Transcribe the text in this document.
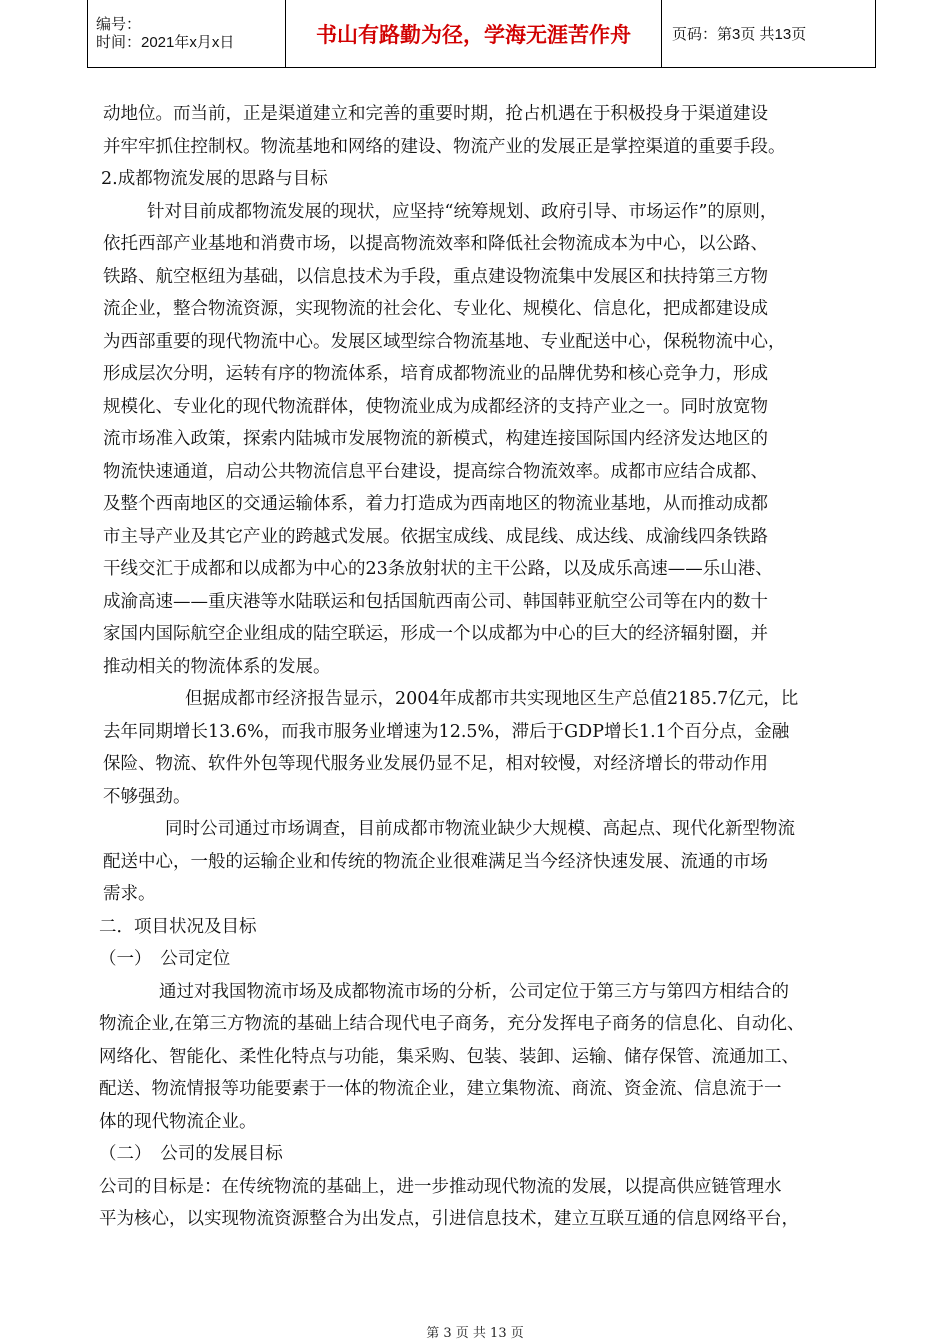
编号：
时间：2021年x月x日	书山有路勤为径，学海无涯苦作舟	页码：第3页 共13页
动地位。而当前，正是渠道建立和完善的重要时期，抢占机遇在于积极投身于渠道建设
并牢牢抓住控制权。物流基地和网络的建设、物流产业的发展正是掌控渠道的重要手段。
2.成都物流发展的思路与目标
针对目前成都物流发展的现状，应坚持“统筹规划、政府引导、市场运作”的原则，
依托西部产业基地和消费市场，以提高物流效率和降低社会物流成本为中心，以公路、
铁路、航空枢纽为基础，以信息技术为手段，重点建设物流集中发展区和扶持第三方物
流企业，整合物流资源，实现物流的社会化、专业化、规模化、信息化，把成都建设成
为西部重要的现代物流中心。发展区域型综合物流基地、专业配送中心，保税物流中心，
形成层次分明，运转有序的物流体系，培育成都物流业的品牌优势和核心竞争力，形成
规模化、专业化的现代物流群体，使物流业成为成都经济的支持产业之一。同时放宽物
流市场准入政策，探索内陆城市发展物流的新模式，构建连接国际国内经济发达地区的
物流快速通道，启动公共物流信息平台建设，提高综合物流效率。成都市应结合成都、
及整个西南地区的交通运输体系，着力打造成为西南地区的物流业基地，从而推动成都
市主导产业及其它产业的跨越式发展。依据宝成线、成昆线、成达线、成渝线四条铁路
干线交汇于成都和以成都为中心的23条放射状的主干公路，以及成乐高速——乐山港、
成渝高速——重庆港等水陆联运和包括国航西南公司、韩国韩亚航空公司等在内的数十
家国内国际航空企业组成的陆空联运，形成一个以成都为中心的巨大的经济辐射圈，并
推动相关的物流体系的发展。
但据成都市经济报告显示，2004年成都市共实现地区生产总值2185.7亿元，比
去年同期增长13.6%，而我市服务业增速为12.5%，滞后于GDP增长1.1个百分点，金融
保险、物流、软件外包等现代服务业发展仍显不足，相对较慢，对经济增长的带动作用
不够强劲。
同时公司通过市场调查，目前成都市物流业缺少大规模、高起点、现代化新型物流
配送中心，一般的运输企业和传统的物流企业很难满足当今经济快速发展、流通的市场
需求。
二．项目状况及目标
（一）　公司定位
通过对我国物流市场及成都物流市场的分析，公司定位于第三方与第四方相结合的
物流企业,在第三方物流的基础上结合现代电子商务，充分发挥电子商务的信息化、自动化、
网络化、智能化、柔性化特点与功能，集采购、包装、装卸、运输、储存保管、流通加工、
配送、物流情报等功能要素于一体的物流企业，建立集物流、商流、资金流、信息流于一
体的现代物流企业。
（二）　公司的发展目标
公司的目标是：在传统物流的基础上，进一步推动现代物流的发展，以提高供应链管理水
平为核心，以实现物流资源整合为出发点，引进信息技术，建立互联互通的信息网络平台，
第 3 页 共 13 页
